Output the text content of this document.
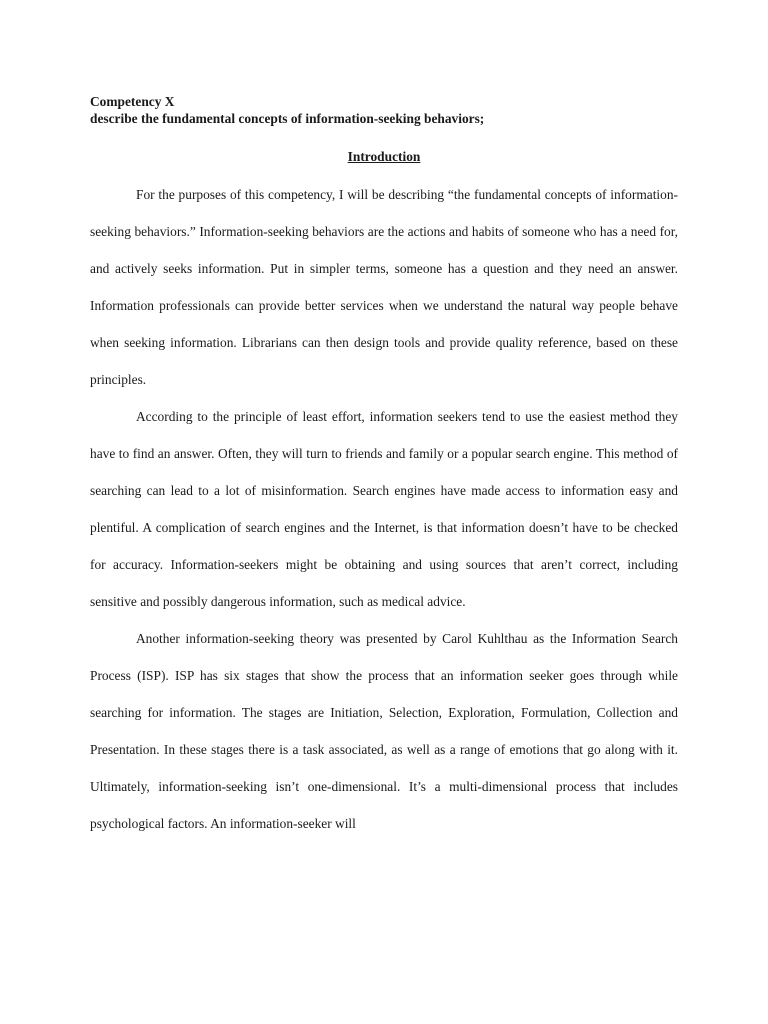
Competency X

describe the fundamental concepts of information-seeking behaviors;

Introduction

For the purposes of this competency, I will be describing “the fundamental concepts of information-seeking behaviors.” Information-seeking behaviors are the actions and habits of someone who has a need for, and actively seeks information. Put in simpler terms, someone has a question and they need an answer. Information professionals can provide better services when we understand the natural way people behave when seeking information. Librarians can then design tools and provide quality reference, based on these principles.

According to the principle of least effort, information seekers tend to use the easiest method they have to find an answer. Often, they will turn to friends and family or a popular search engine. This method of searching can lead to a lot of misinformation. Search engines have made access to information easy and plentiful. A complication of search engines and the Internet, is that information doesn’t have to be checked for accuracy. Information-seekers might be obtaining and using sources that aren’t correct, including sensitive and possibly dangerous information, such as medical advice.

Another information-seeking theory was presented by Carol Kuhlthau as the Information Search Process (ISP). ISP has six stages that show the process that an information seeker goes through while searching for information. The stages are Initiation, Selection, Exploration, Formulation, Collection and Presentation. In these stages there is a task associated, as well as a range of emotions that go along with it. Ultimately, information-seeking isn’t one-dimensional. It’s a multi-dimensional process that includes psychological factors. An information-seeker will
